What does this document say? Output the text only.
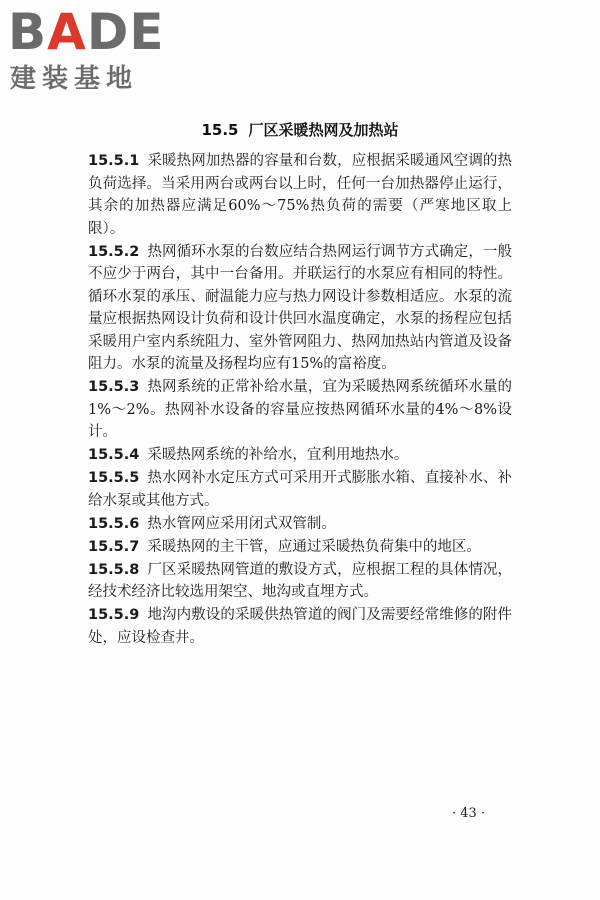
BADE
建装基地
15.5 厂区采暖热网及加热站

15.5.1 采暖热网加热器的容量和台数，应根据采暖通风空调的热负荷选择。当采用两台或两台以上时，任何一台加热器停止运行，其余的加热器应满足60%～75%热负荷的需要（严寒地区取上限）。

15.5.2 热网循环水泵的台数应结合热网运行调节方式确定，一般不应少于两台，其中一台备用。并联运行的水泵应有相同的特性。循环水泵的承压、耐温能力应与热力网设计参数相适应。水泵的流量应根据热网设计负荷和设计供回水温度确定，水泵的扬程应包括采暖用户室内系统阻力、室外管网阻力、热网加热站内管道及设备阻力。水泵的流量及扬程均应有15%的富裕度。

15.5.3 热网系统的正常补给水量，宜为采暖热网系统循环水量的1%～2%。热网补水设备的容量应按热网循环水量的4%～8%设计。

15.5.4 采暖热网系统的补给水，宜利用地热水。

15.5.5 热水网补水定压方式可采用开式膨胀水箱、直接补水、补给水泵或其他方式。

15.5.6 热水管网应采用闭式双管制。

15.5.7 采暖热网的主干管，应通过采暖热负荷集中的地区。

15.5.8 厂区采暖热网管道的敷设方式，应根据工程的具体情况，经技术经济比较选用架空、地沟或直埋方式。

15.5.9 地沟内敷设的采暖供热管道的阀门及需要经常维修的附件处，应设检查井。

· 43 ·
